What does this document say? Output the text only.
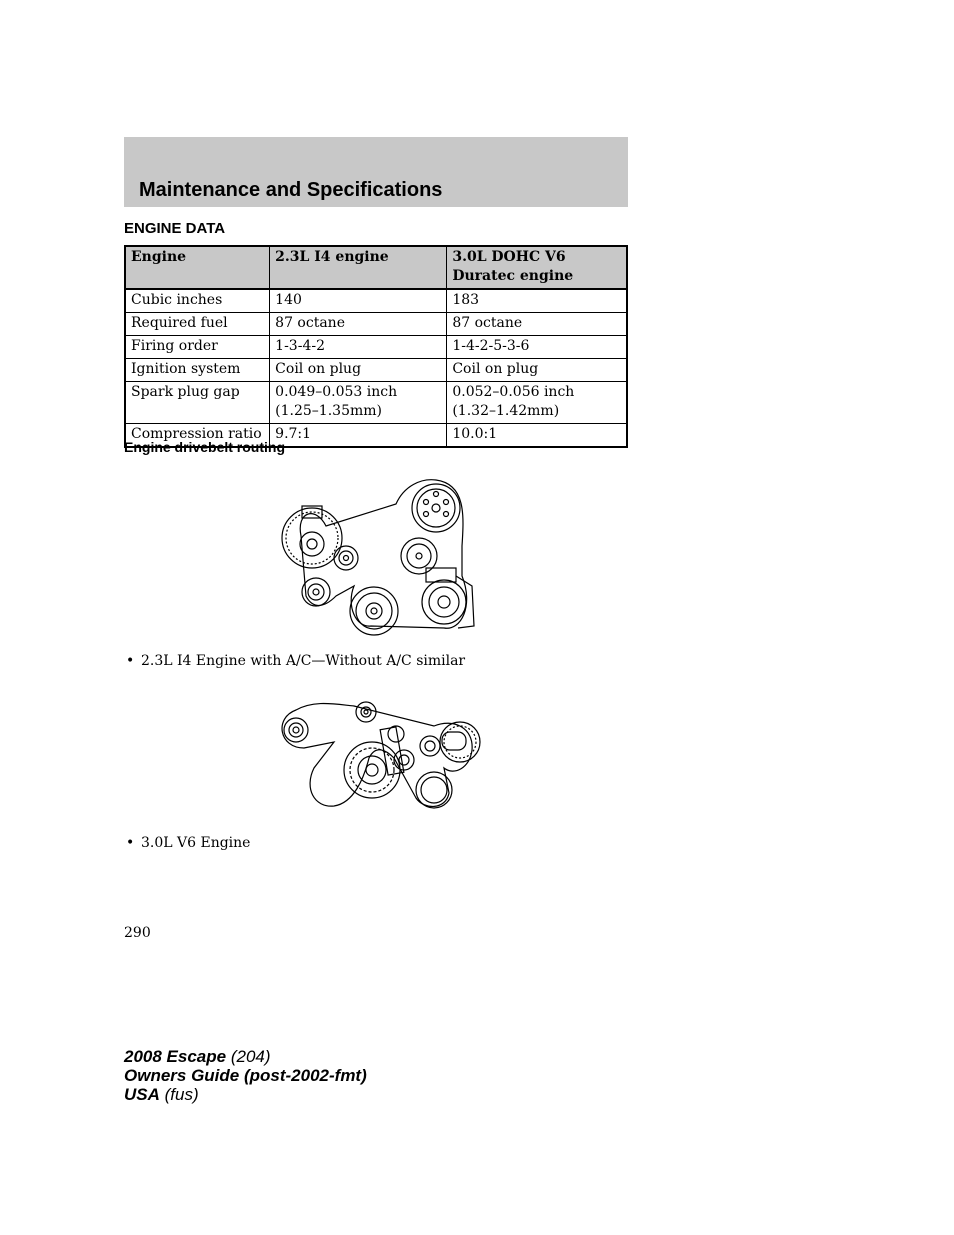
Maintenance and Specifications
ENGINE DATA
Engine	2.3L I4 engine	3.0L DOHC V6 Duratec engine
Cubic inches	140	183
Required fuel	87 octane	87 octane
Firing order	1-3-4-2	1-4-2-5-3-6
Ignition system	Coil on plug	Coil on plug
Spark plug gap	0.049–0.053 inch (1.25–1.35mm)	0.052–0.056 inch (1.32–1.42mm)
Compression ratio	9.7:1	10.0:1
Engine drivebelt routing
• 2.3L I4 Engine with A/C—Without A/C similar
• 3.0L V6 Engine
290
2008 Escape (204)
Owners Guide (post-2002-fmt)
USA (fus)
